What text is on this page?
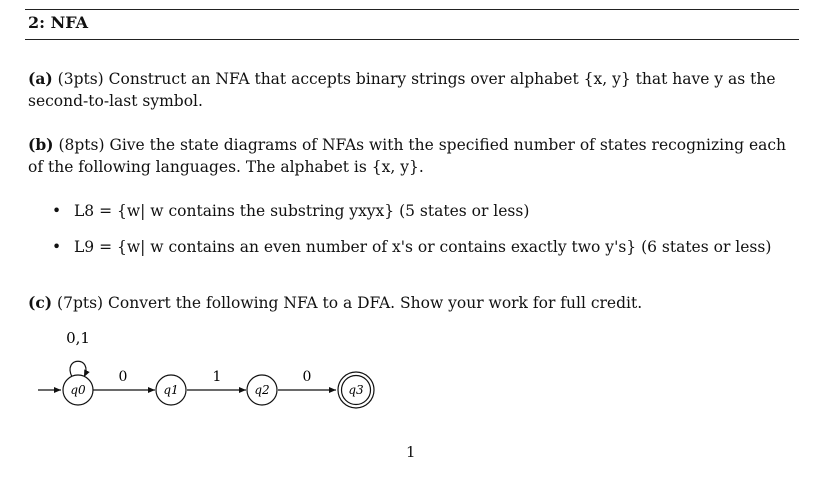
2: NFA
(a) (3pts) Construct an NFA that accepts binary strings over alphabet {x, y} that have y as the
second-to-last symbol.
(b) (8pts) Give the state diagrams of NFAs with the specified number of states recognizing each
of the following languages. The alphabet is {x, y}.
• L8 = {w| w contains the substring yxyx} (5 states or less)
• L9 = {w| w contains an even number of x's or contains exactly two y's} (6 states or less)
(c) (7pts) Convert the following NFA to a DFA. Show your work for full credit.
0,1
0	1	0
q0	q1	q2	q3
1
